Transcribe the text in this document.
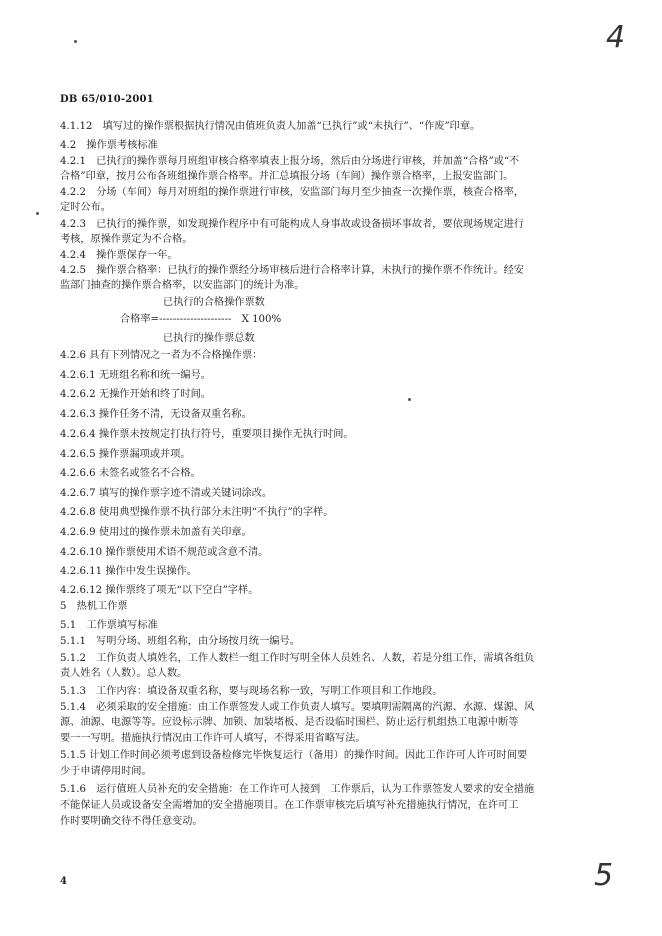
4
DB 65/010-2001
4.1.12　填写过的操作票根据执行情况由值班负责人加盖“已执行”或“未执行”、“作废”印章。
4.2　操作票考核标准
4.2.1　已执行的操作票每月班组审核合格率填表上报分场，然后由分场进行审核，并加盖“合格”或“不
合格”印章，按月公布各班组操作票合格率。并汇总填报分场（车间）操作票合格率，上报安监部门。
4.2.2　分场（车间）每月对班组的操作票进行审核，安监部门每月至少抽查一次操作票，核查合格率，
定时公布。
4.2.3　已执行的操作票，如发现操作程序中有可能构成人身事故或设备损坏事故者，要依现场规定进行
考核，原操作票定为不合格。
4.2.4　操作票保存一年。
4.2.5　操作票合格率：已执行的操作票经分场审核后进行合格率计算，未执行的操作票不作统计。经安
监部门抽查的操作票合格率，以安监部门的统计为准。
已执行的合格操作票数
合格率=---------------------　X 100%
已执行的操作票总数
4.2.6 具有下列情况之一者为不合格操作票：
4.2.6.1 无班组名称和统一编号。
4.2.6.2 无操作开始和终了时间。
4.2.6.3 操作任务不清，无设备双重名称。
4.2.6.4 操作票未按规定打执行符号，重要项目操作无执行时间。
4.2.6.5 操作票漏项或并项。
4.2.6.6 未签名或签名不合格。
4.2.6.7 填写的操作票字迹不清或关键词涂改。
4.2.6.8 使用典型操作票不执行部分未注明“不执行”的字样。
4.2.6.9 使用过的操作票未加盖有关印章。
4.2.6.10 操作票使用术语不规范或含意不清。
4.2.6.11 操作中发生误操作。
4.2.6.12 操作票终了项无“以下空白”字样。
5　热机工作票
5.1　工作票填写标准
5.1.1　写明分场、班组名称，由分场按月统一编号。
5.1.2　工作负责人填姓名，工作人数栏一组工作时写明全体人员姓名、人数，若是分组工作，需填各组负
责人姓名（人数）。总人数。
5.1.3　工作内容：填设备双重名称，要与现场名称一致，写明工作项目和工作地段。
5.1.4　必须采取的安全措施：由工作票签发人或工作负责人填写。要填明需隔离的汽源、水源、煤源、风
源、油源、电源等等。应设标示牌、加锁、加装堵板、是否设临时围栏、防止运行机组热工电源中断等
要一一写明。措施执行情况由工作许可人填写，不得采用省略写法。
5.1.5 计划工作时间必须考虑到设备检修完毕恢复运行（备用）的操作时间。因此工作许可人许可时间要
少于申请停用时间。
5.1.6　运行值班人员补充的安全措施：在工作许可人接到　工作票后，认为工作票签发人要求的安全措施
不能保证人员或设备安全需增加的安全措施项目。在工作票审核完后填写补充措施执行情况，在许可工
作时要明确交待不得任意变动。
4	5
